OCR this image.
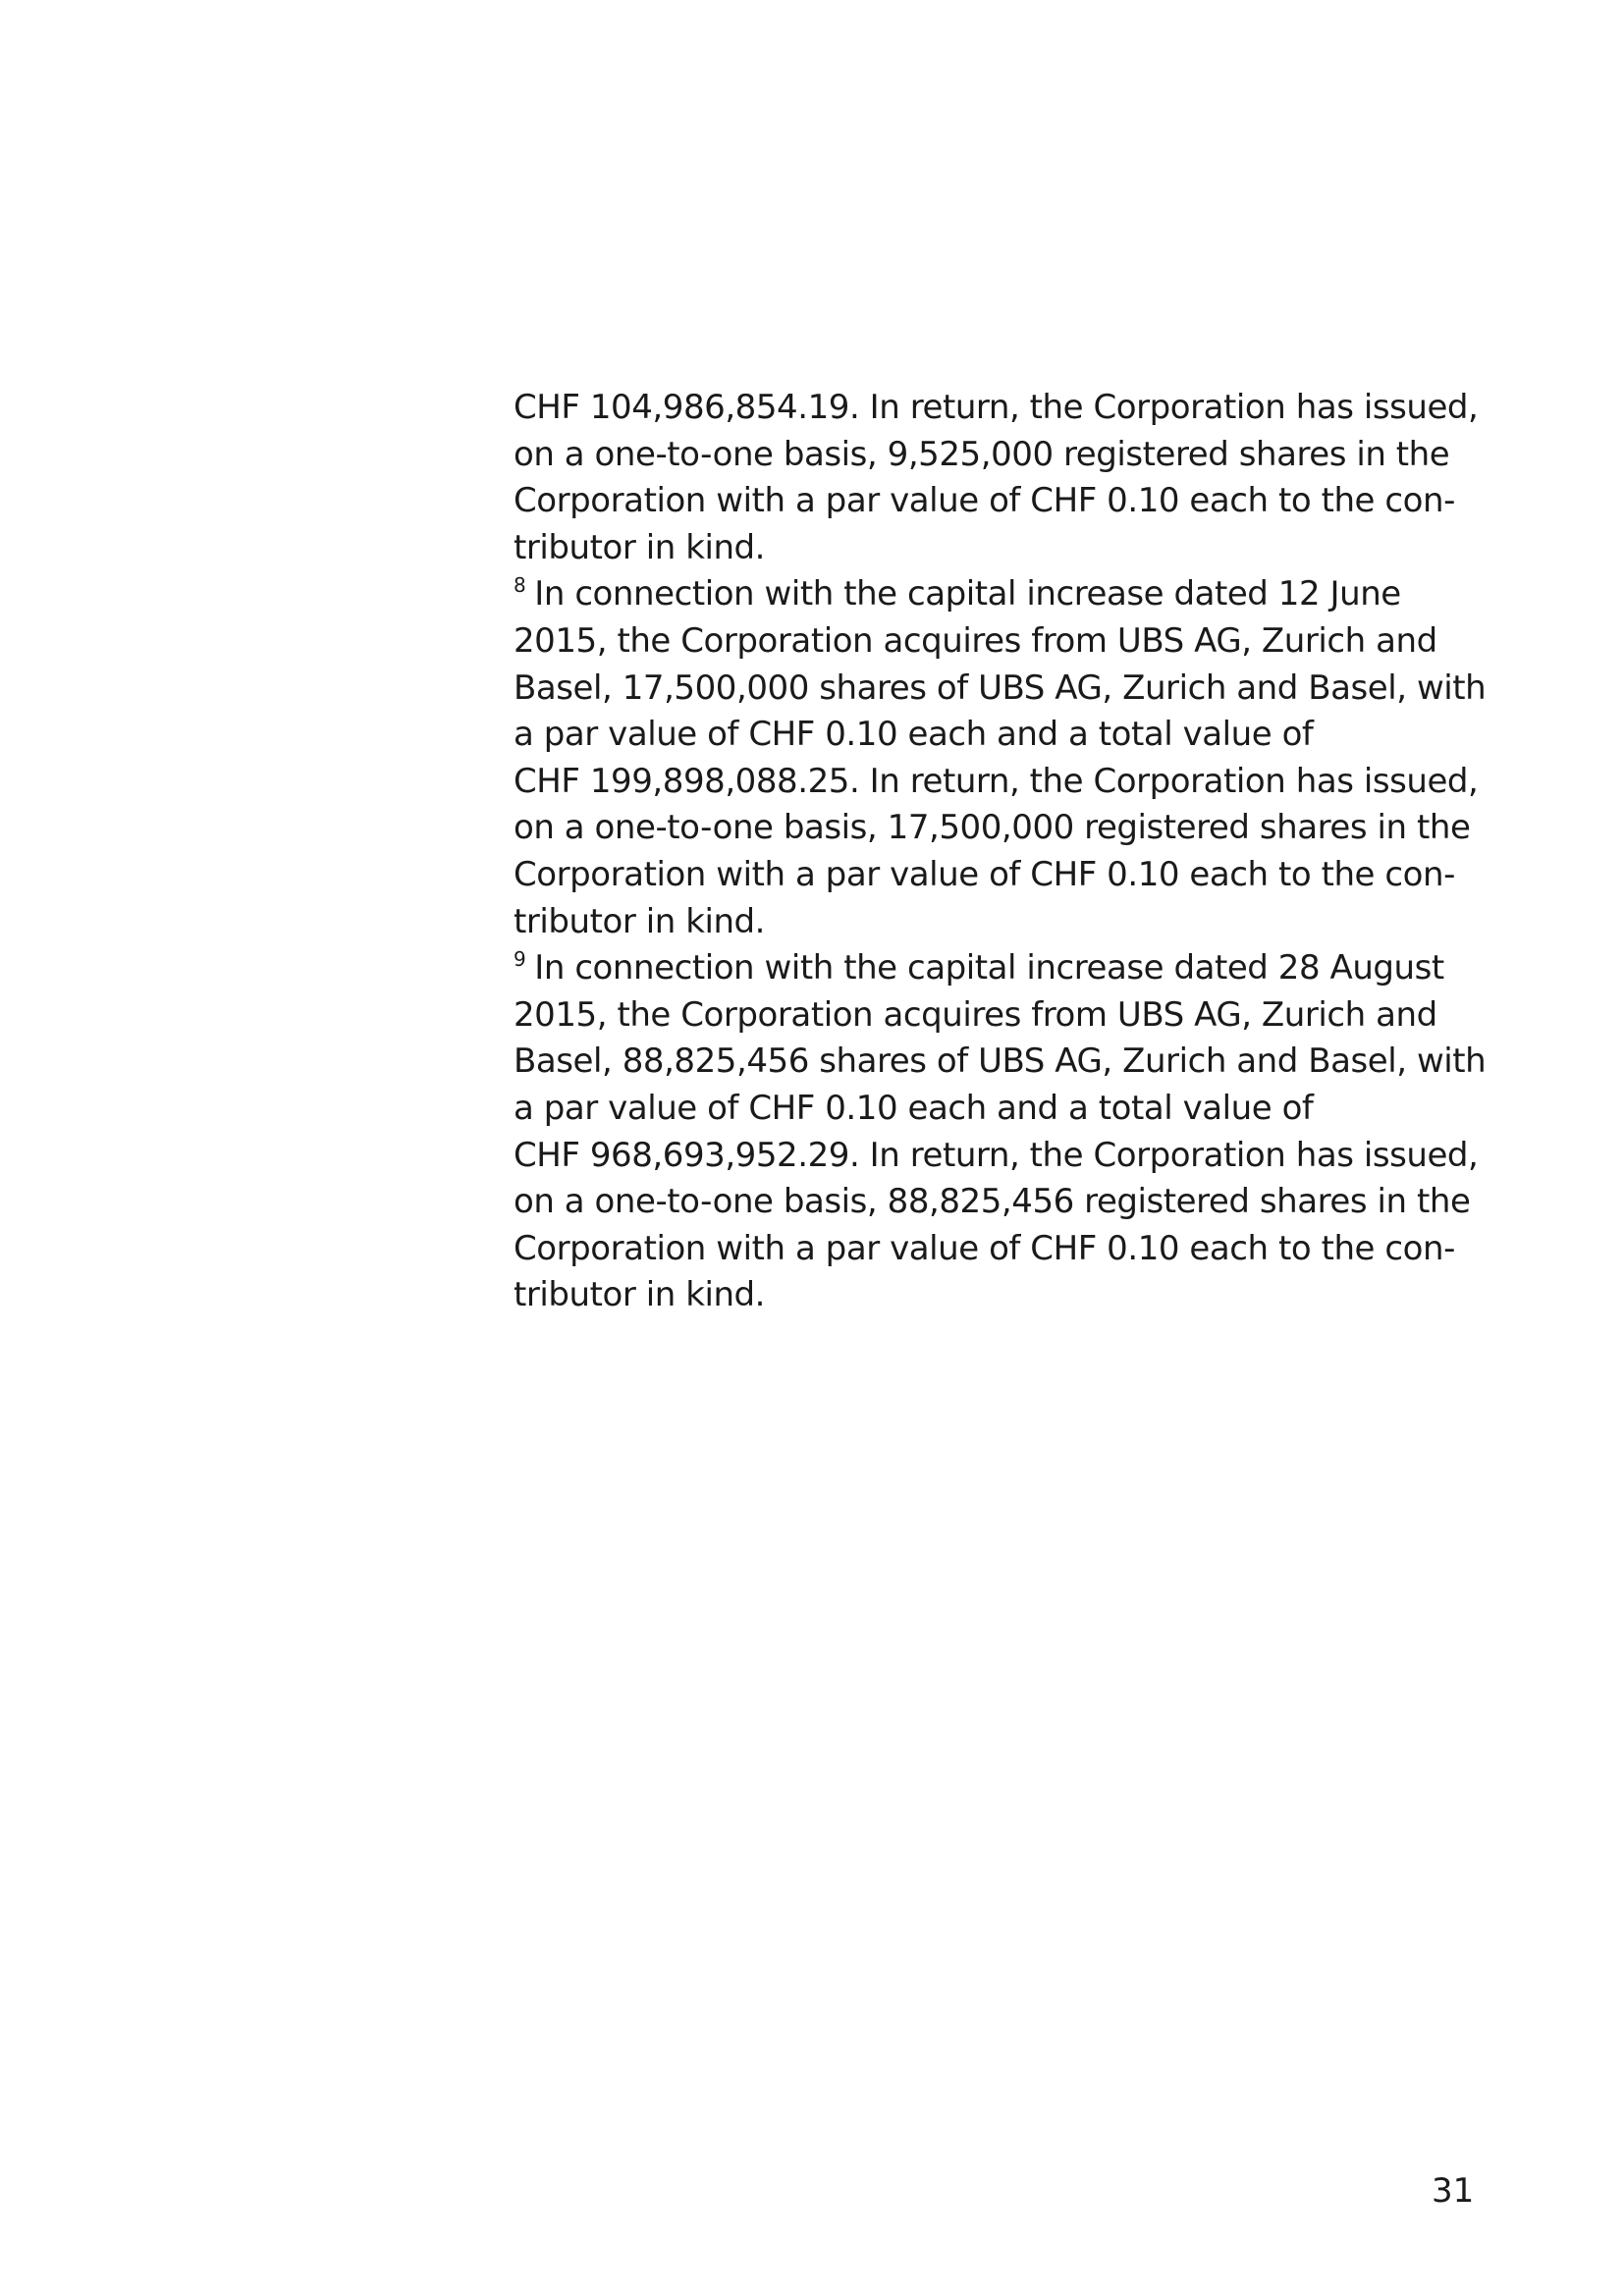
CHF 104,986,854.19. In return, the Corporation has issued,
on a one-to-one basis, 9,525,000 registered shares in the
Corporation with a par value of CHF 0.10 each to the con-
tributor in kind.
$^8$ In connection with the capital increase dated 12 June
2015, the Corporation acquires from UBS AG, Zurich and
Basel, 17,500,000 shares of UBS AG, Zurich and Basel, with
a par value of CHF 0.10 each and a total value of
CHF 199,898,088.25. In return, the Corporation has issued,
on a one-to-one basis, 17,500,000 registered shares in the
Corporation with a par value of CHF 0.10 each to the con-
tributor in kind.
$^9$ In connection with the capital increase dated 28 August
2015, the Corporation acquires from UBS AG, Zurich and
Basel, 88,825,456 shares of UBS AG, Zurich and Basel, with
a par value of CHF 0.10 each and a total value of
CHF 968,693,952.29. In return, the Corporation has issued,
on a one-to-one basis, 88,825,456 registered shares in the
Corporation with a par value of CHF 0.10 each to the con-
tributor in kind.
31
